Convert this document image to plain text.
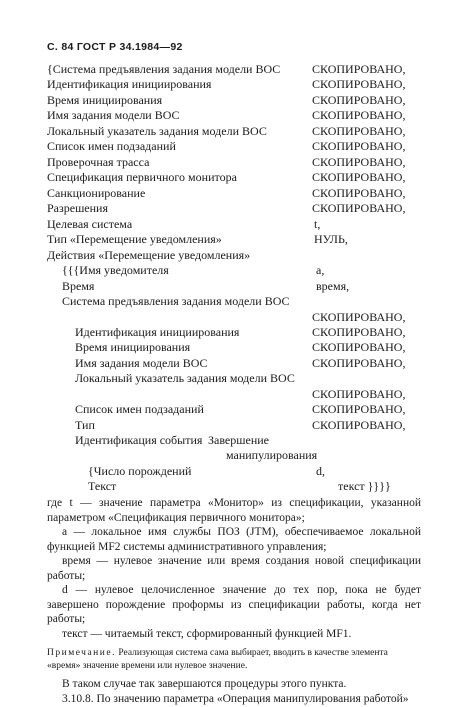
С. 84 ГОСТ Р 34.1984—92
{Система предъявления задания модели ВОС	СКОПИРОВАНО,
Идентификация инициирования	СКОПИРОВАНО,
Время инициирования	СКОПИРОВАНО,
Имя задания модели ВОС	СКОПИРОВАНО,
Локальный указатель задания модели ВОС	СКОПИРОВАНО,
Список имен подзаданий	СКОПИРОВАНО,
Проверочная трасса	СКОПИРОВАНО,
Спецификация первичного монитора	СКОПИРОВАНО,
Санкционирование	СКОПИРОВАНО,
Разрешения	СКОПИРОВАНО,
Целевая система	t,
Тип «Перемещение уведомления»	НУЛЬ,
Действия «Перемещение уведомления»
{{{Имя уведомителя	а,
Время	время,
Система предъявления задания модели ВОС
СКОПИРОВАНО,
Идентификация инициирования	СКОПИРОВАНО,
Время инициирования	СКОПИРОВАНО,
Имя задания модели ВОС	СКОПИРОВАНО,
Локальный указатель задания модели ВОС
СКОПИРОВАНО,
Список имен подзаданий	СКОПИРОВАНО,
Тип	СКОПИРОВАНО,
Идентификация события Завершение
манипулирования
{Число порождений	d,
Текст	текст }}}}
где t — значение параметра «Монитор» из спецификации, указанной параметром «Спецификация первичного монитора»;
а — локальное имя службы ПОЗ (JTM), обеспечиваемое локальной функцией MF2 системы административного управления;
время — нулевое значение или время создания новой спецификации работы;
d — нулевое целочисленное значение до тех пор, пока не будет завершено порождение проформы из спецификации работы, когда нет работы;
текст — читаемый текст, сформированный функцией MF1.
Примечание. Реализующая система сама выбирает, вводить в качестве элемента «время» значение времени или нулевое значение.
В таком случае так завершаются процедуры этого пункта.
3.10.8. По значению параметра «Операция манипулирования работой»
